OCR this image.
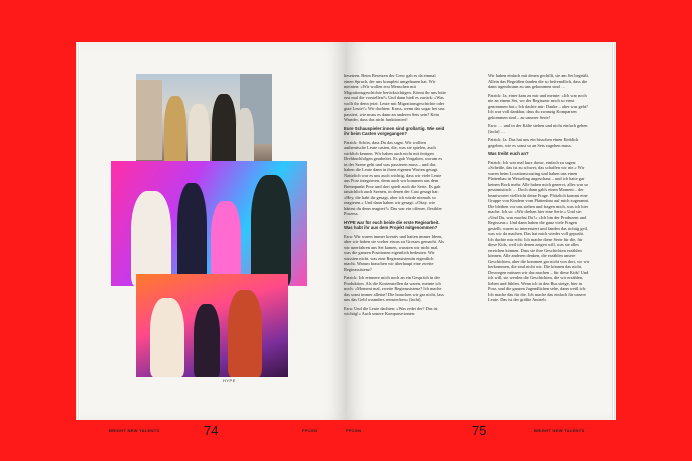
HYPE
BRIGHT NEW TALENTS	74	FFCGN

besetzen. Beim Besetzen der Crew gab es da einmal einen Spruch, der uns komplett umgehauen hat. Wir meinten: »Wir wollen erst Menschen mit Migrationsgeschichte berücksichtigen. Könnt ihr uns bitte erst mal die vorstellen?« Und dann hieß es zurück: »Was wollt ihr denn jetzt: Leute mit Migrationsgeschichte oder gute Leute?« Wir dachten: Krass, wenn das sogar bei uns passiert, wie muss es dann an anderen Sets sein? Kein Wunder, dass das nicht funktioniert!

Eure Schauspieler:innen sind großartig. Wie seid ihr beim Casten vorgegangen?

Patrick: Schön, dass Du das sagst. Wir wollten authentische Leute casten, die, was sie spielen, auch wirklich kennen. Wir haben auch nicht mit fertigen Drehbuchfolgen gearbeitet. Es gab Vorgaben, worum es in der Szene geht und was passieren muss – und das haben die Leute dann in ihren eigenen Worten gesagt. Natürlich war es uns auch wichtig, dass wir viele Leute aus Porz integrieren, denn auch wir kommen aus dem Brennpunkt Porz und dort spielt auch die Serie. Es gab tatsächlich auch Szenen, in denen der Cast gesagt hat: »Hey, die habt ihr gesagt, aber ich würde niemals so reagieren.« Und dann haben wir gesagt: »Okay, wie hättest du denn reagiert?« Das war ein offener, flexibler Prozess.

HYPE war für euch beide die erste Regiearbeit. Was habt ihr aus dem Projekt mitgenommen?

Esra: Wir waren immer kreativ und hatten immer Ideen, aber wir haben sie vorher etwas zu Grosses gemacht. Als wir unerfahren ans Set kamen, wussten wir nicht mal, was die ganzen Positionen eigentlich bedeuten. Wir wussten nicht, was eine Regieassistentin eigentlich macht. Warum brauchen wir überhaupt eine zweite Regieassistenz?

Patrick: Ich erinnere mich noch an ein Gespräch in der Produktion. Als die Kostenstellen da waren, meinte ich noch: »Moment mal, zweite Regieassistenz? Ich mache das sonst immer alleine! Die brauchen wir gar nicht, lass uns das Geld woanders reinstecken« [lacht].

Esra: Und die Leute dachten: »Was redet der? Das ist wichtig!« Auch unsere Komparse:innen:

Wir haben einfach mit denen gechillt, sie am Set begrüßt. Allein das Begrüßen fanden die so befremdlich, dass die dann irgendwann zu uns gekommen sind …

Patrick: Ja, einer kam zu mir und meinte: »Ich war noch nie an einem Set, wo der Regisseur mich so ernst genommen hat.« Ich dachte mir: Danke – aber was geht? Ich war voll dankbar, dass du zwanzig Komparsen gekommen sind – zu unserer Serie!

Esra: … und in der Kälte stehen und nicht einfach gehen [lacht] …

Patrick: Ja. Das hat uns ein bisschen einen Einblick gegeben, wie es sonst so an Sets zugehen muss.

Was treibt euch an?

Patrick: Ich war mal kurz davor, einfach zu sagen: »Scheiße, das ist zu schwer, das schaffen wir nie.« Wir waren beim Locationscouting und haben uns einen Plattenbau in Wesseling angeschaut – und ich hatte gar keinen Bock mehr. Alle haben mich genervt, alles war so pessimistisch … Doch dann gab's einen Moment – der beantwortet vielleicht deine Frage. Plötzlich kommt eine Gruppe von Kindern vom Plattenbau auf mich zugerannt. Die bleiben vor uns stehen und fragen mich, was ich hier mache. Ich so: »Wir drehen hier eine Serie.« Und sie: »Und Du, was machst Du?« »Ich bin der Produzent und Regisseur.« Und dann haben die ganz viele Fragen gestellt, waren so interessiert und fanden das richtig geil, was wir da machen. Das hat mich wieder voll gepusht. Ich dachte mir echt: Ich mache diese Serie für die, für diese Kids, weil ich denen zeigen will, was sie alles erreichen können. Dass sie ihre Geschichten erzählen können. Alle anderen denken, die erzählen unsere Geschichten, aber die kommen gar nicht von dort, wo wir herkommen, die sind nicht wir. Die können das nicht. Deswegen müssen wir das machen – für diese Kids! Und ich will, sie werden die Geschichten, die wir erzählen, lieben und fühlen. Wenn ich in den Bus steige, hier in Porz, und die ganzen Jugendlichen sehe, dann weiß ich: Ich mache das für die. Ich mache das einfach für unsere Leute. Das ist der größte Antrieb.

FFCGN	75	BRIGHT NEW TALENTS
